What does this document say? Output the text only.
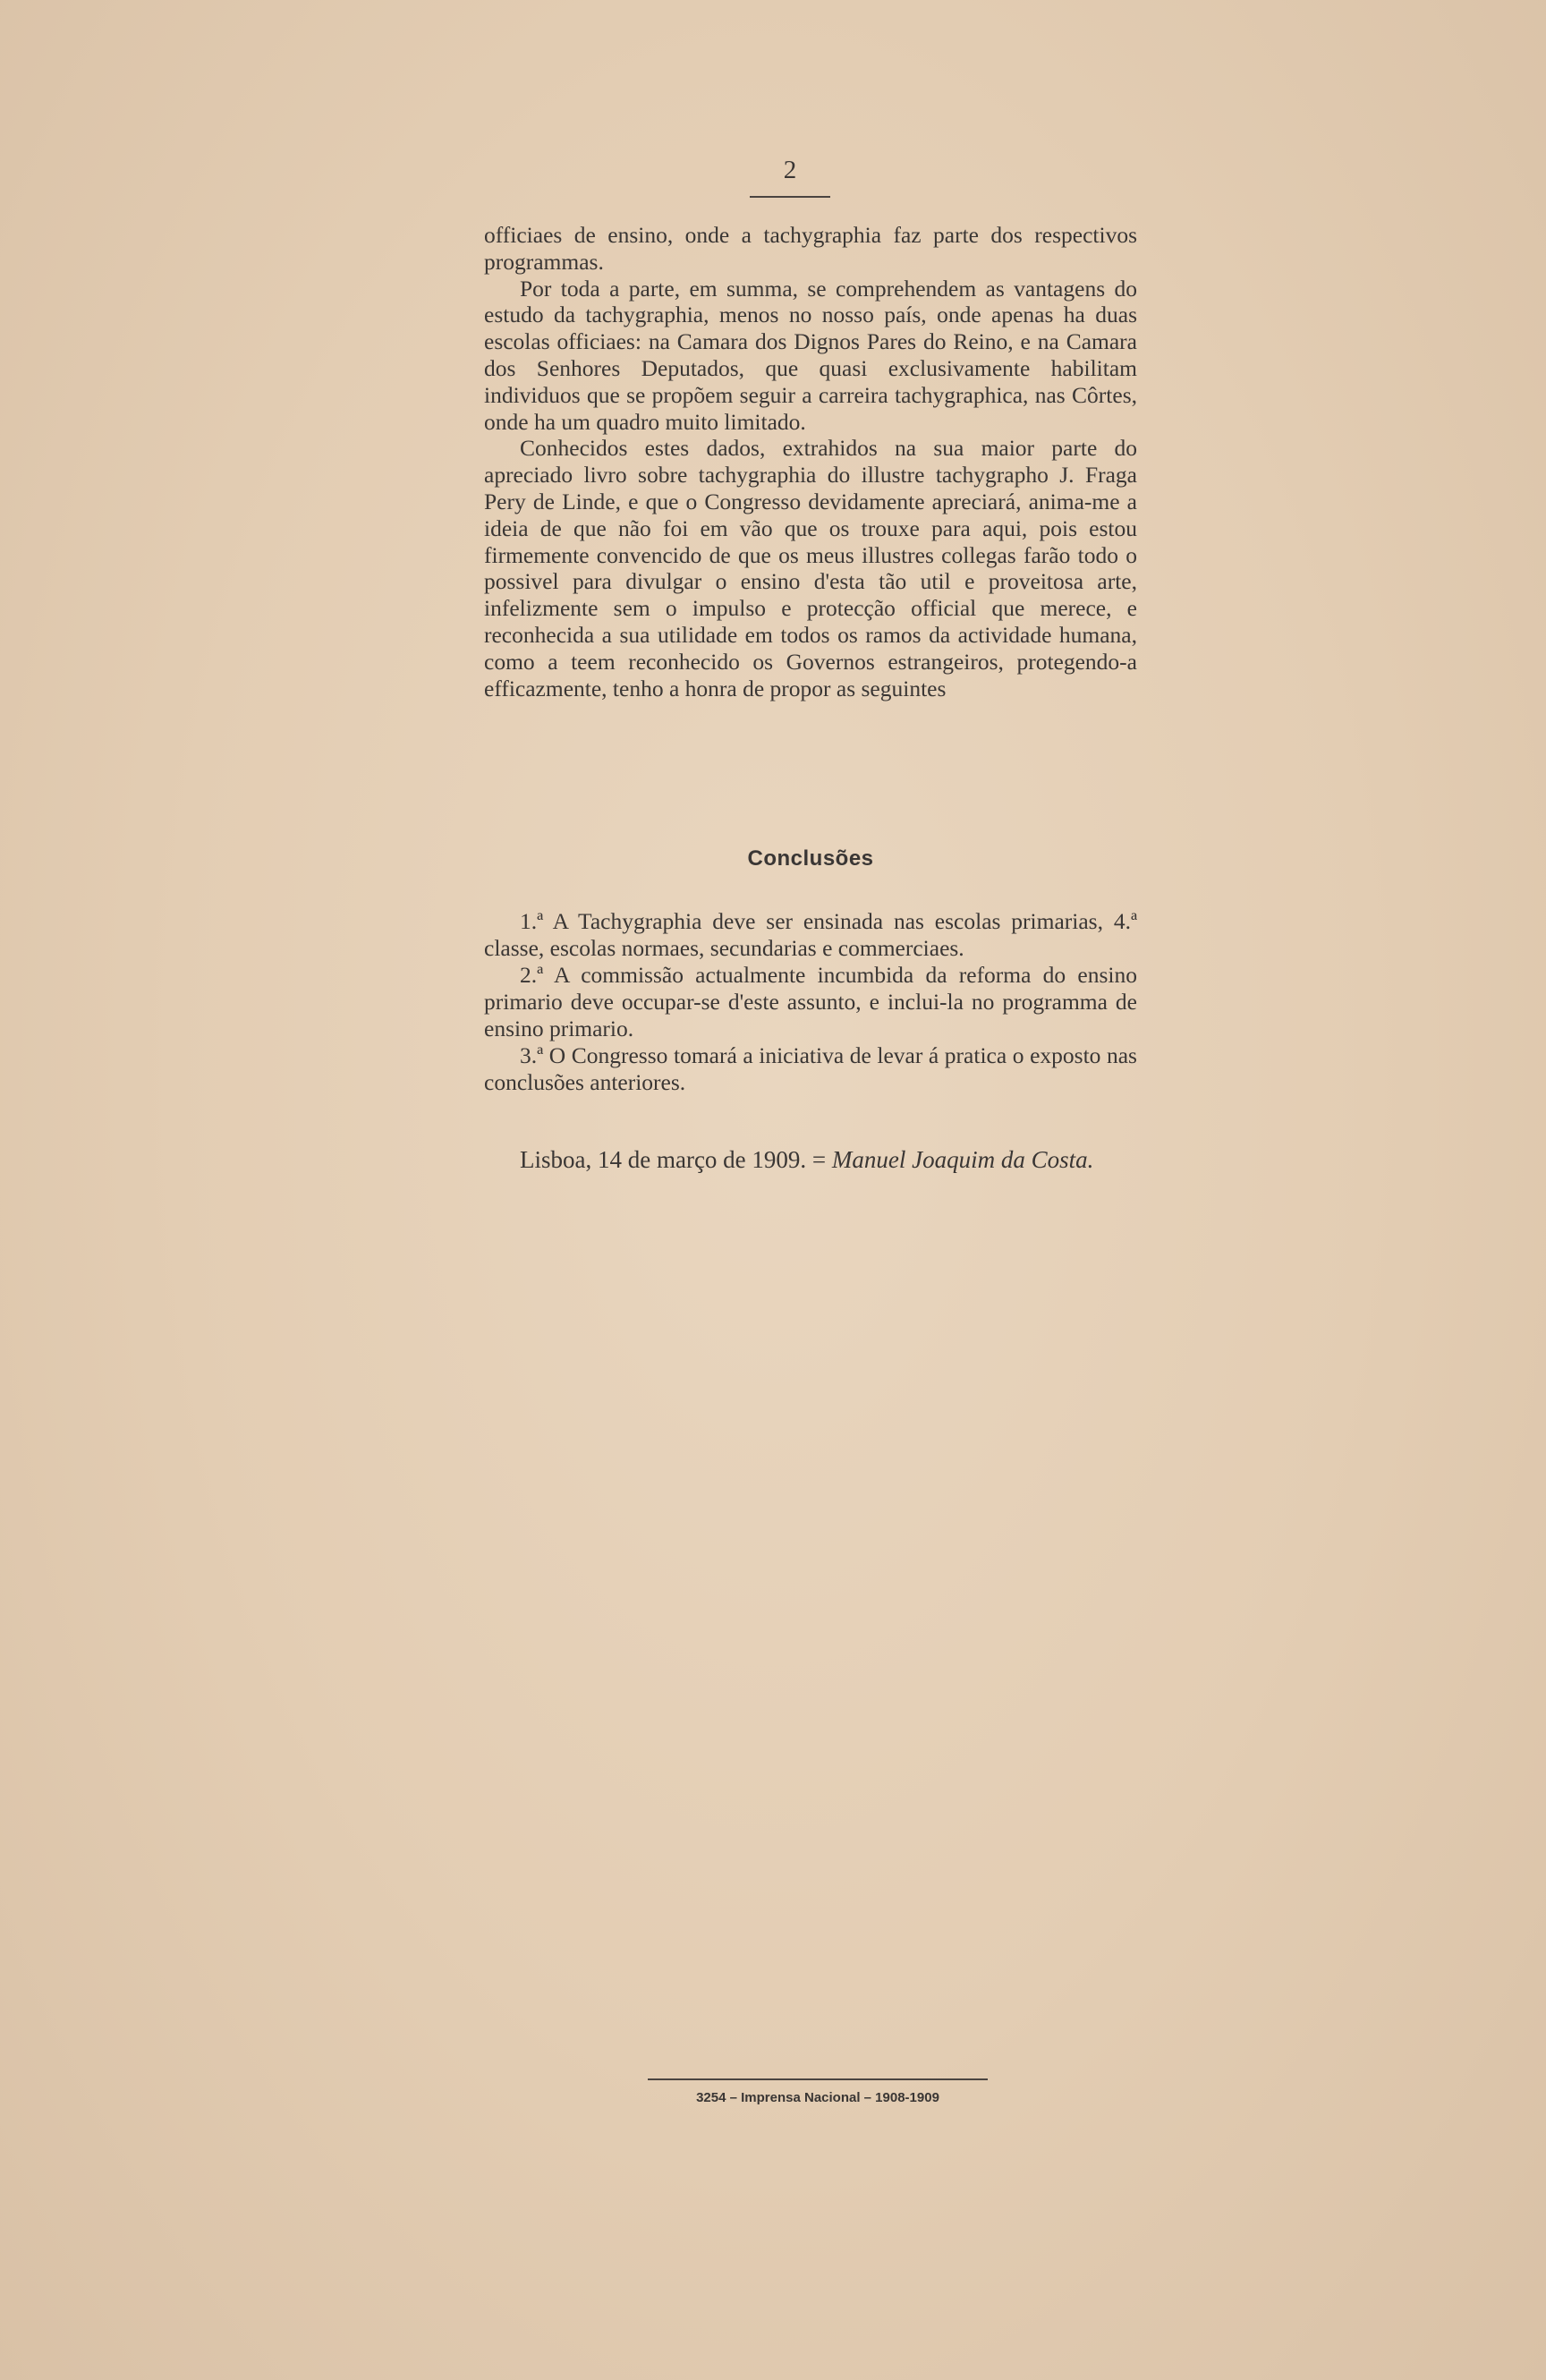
2

officiaes de ensino, onde a tachygraphia faz parte dos respectivos programmas.

Por toda a parte, em summa, se comprehendem as vantagens do estudo da tachygraphia, menos no nosso país, onde apenas ha duas escolas officiaes: na Camara dos Dignos Pares do Reino, e na Camara dos Senhores Deputados, que quasi exclusivamente habilitam individuos que se propõem seguir a carreira tachygraphica, nas Côrtes, onde ha um quadro muito limitado.

Conhecidos estes dados, extrahidos na sua maior parte do apreciado livro sobre tachygraphia do illustre tachygrapho J. Fraga Pery de Linde, e que o Congresso devidamente apreciará, anima-me a ideia de que não foi em vão que os trouxe para aqui, pois estou firmemente convencido de que os meus illustres collegas farão todo o possivel para divulgar o ensino d'esta tão util e proveitosa arte, infelizmente sem o impulso e protecção official que merece, e reconhecida a sua utilidade em todos os ramos da actividade humana, como a teem reconhecido os Governos estrangeiros, protegendo-a efficazmente, tenho a honra de propor as seguintes

Conclusões

1.ª A Tachygraphia deve ser ensinada nas escolas primarias, 4.ª classe, escolas normaes, secundarias e commerciaes.

2.ª A commissão actualmente incumbida da reforma do ensino primario deve occupar-se d'este assunto, e inclui-la no programma de ensino primario.

3.ª O Congresso tomará a iniciativa de levar á pratica o exposto nas conclusões anteriores.

Lisboa, 14 de março de 1909. = Manuel Joaquim da Costa.
3254 – Imprensa Nacional – 1908-1909
